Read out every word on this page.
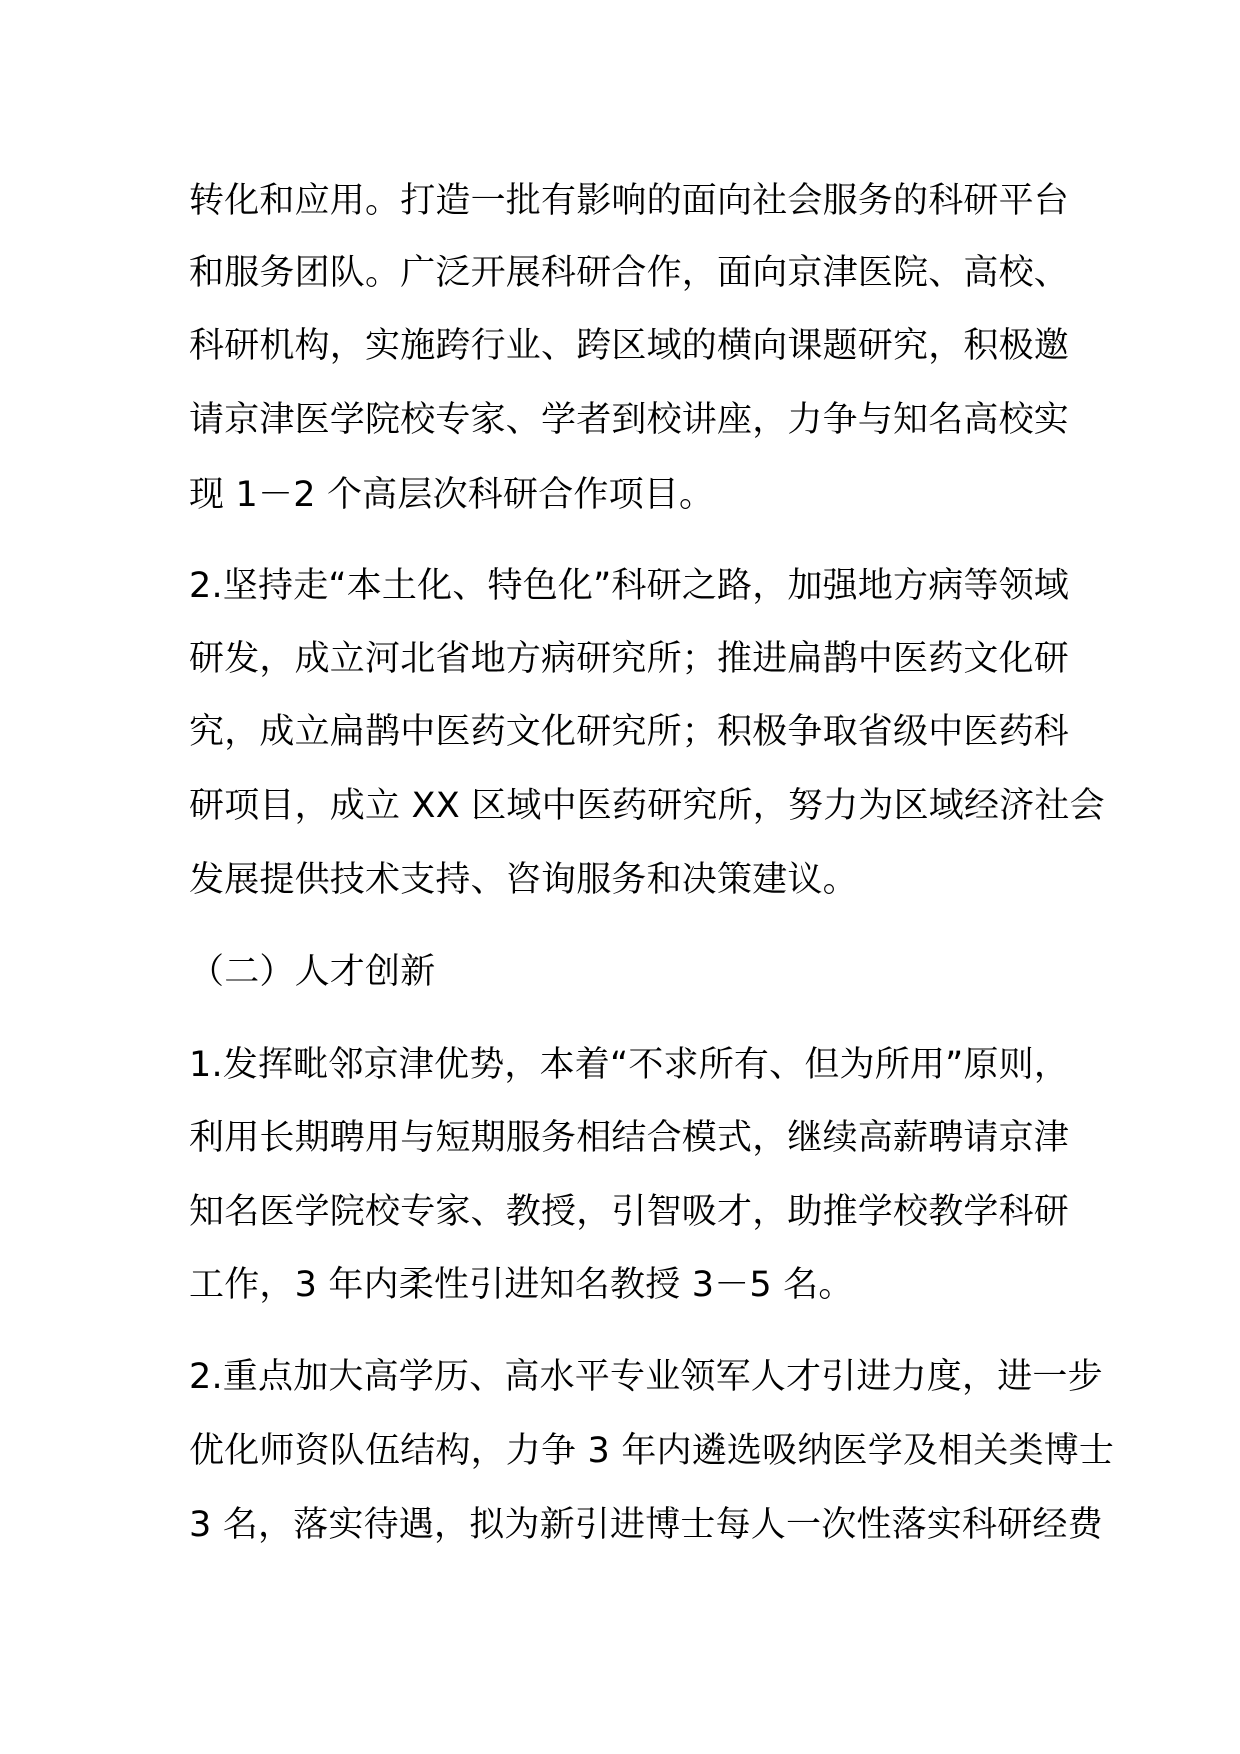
转化和应用。打造一批有影响的面向社会服务的科研平台
和服务团队。广泛开展科研合作，面向京津医院、高校、
科研机构，实施跨行业、跨区域的横向课题研究，积极邀
请京津医学院校专家、学者到校讲座，力争与知名高校实
现 1－2 个高层次科研合作项目。
2.坚持走“本土化、特色化”科研之路，加强地方病等领域
研发，成立河北省地方病研究所；推进扁鹊中医药文化研
究，成立扁鹊中医药文化研究所；积极争取省级中医药科
研项目，成立 XX 区域中医药研究所，努力为区域经济社会
发展提供技术支持、咨询服务和决策建议。
（二）人才创新
1.发挥毗邻京津优势，本着“不求所有、但为所用”原则，
利用长期聘用与短期服务相结合模式，继续高薪聘请京津
知名医学院校专家、教授，引智吸才，助推学校教学科研
工作，3 年内柔性引进知名教授 3－5 名。
2.重点加大高学历、高水平专业领军人才引进力度，进一步
优化师资队伍结构，力争 3 年内遴选吸纳医学及相关类博士
3 名，落实待遇，拟为新引进博士每人一次性落实科研经费
